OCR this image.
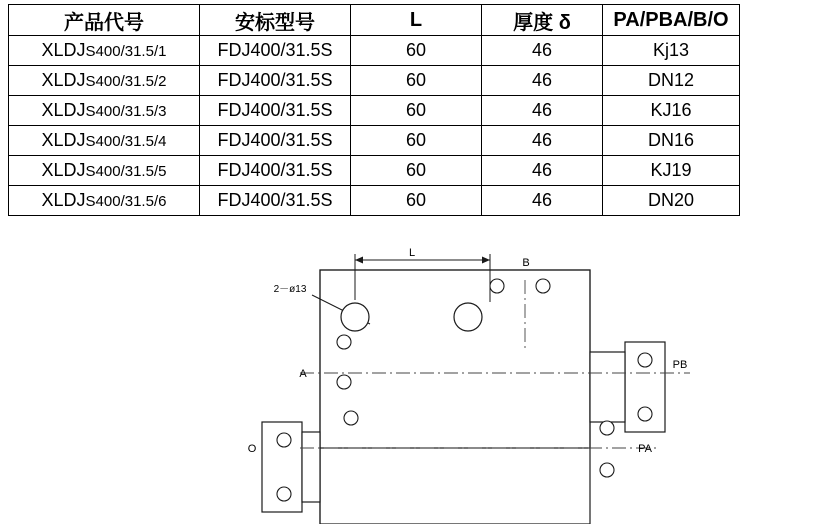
产品代号	安标型号	L	厚度 δ	PA/PBA/B/O
XLDJS400/31.5/1	FDJ400/31.5S	60	46	Kj13
XLDJS400/31.5/2	FDJ400/31.5S	60	46	DN12
XLDJS400/31.5/3	FDJ400/31.5S	60	46	KJ16
XLDJS400/31.5/4	FDJ400/31.5S	60	46	DN16
XLDJS400/31.5/5	FDJ400/31.5S	60	46	KJ19
XLDJS400/31.5/6	FDJ400/31.5S	60	46	DN20
L
2－ø13
A
B
O	PA
PB
